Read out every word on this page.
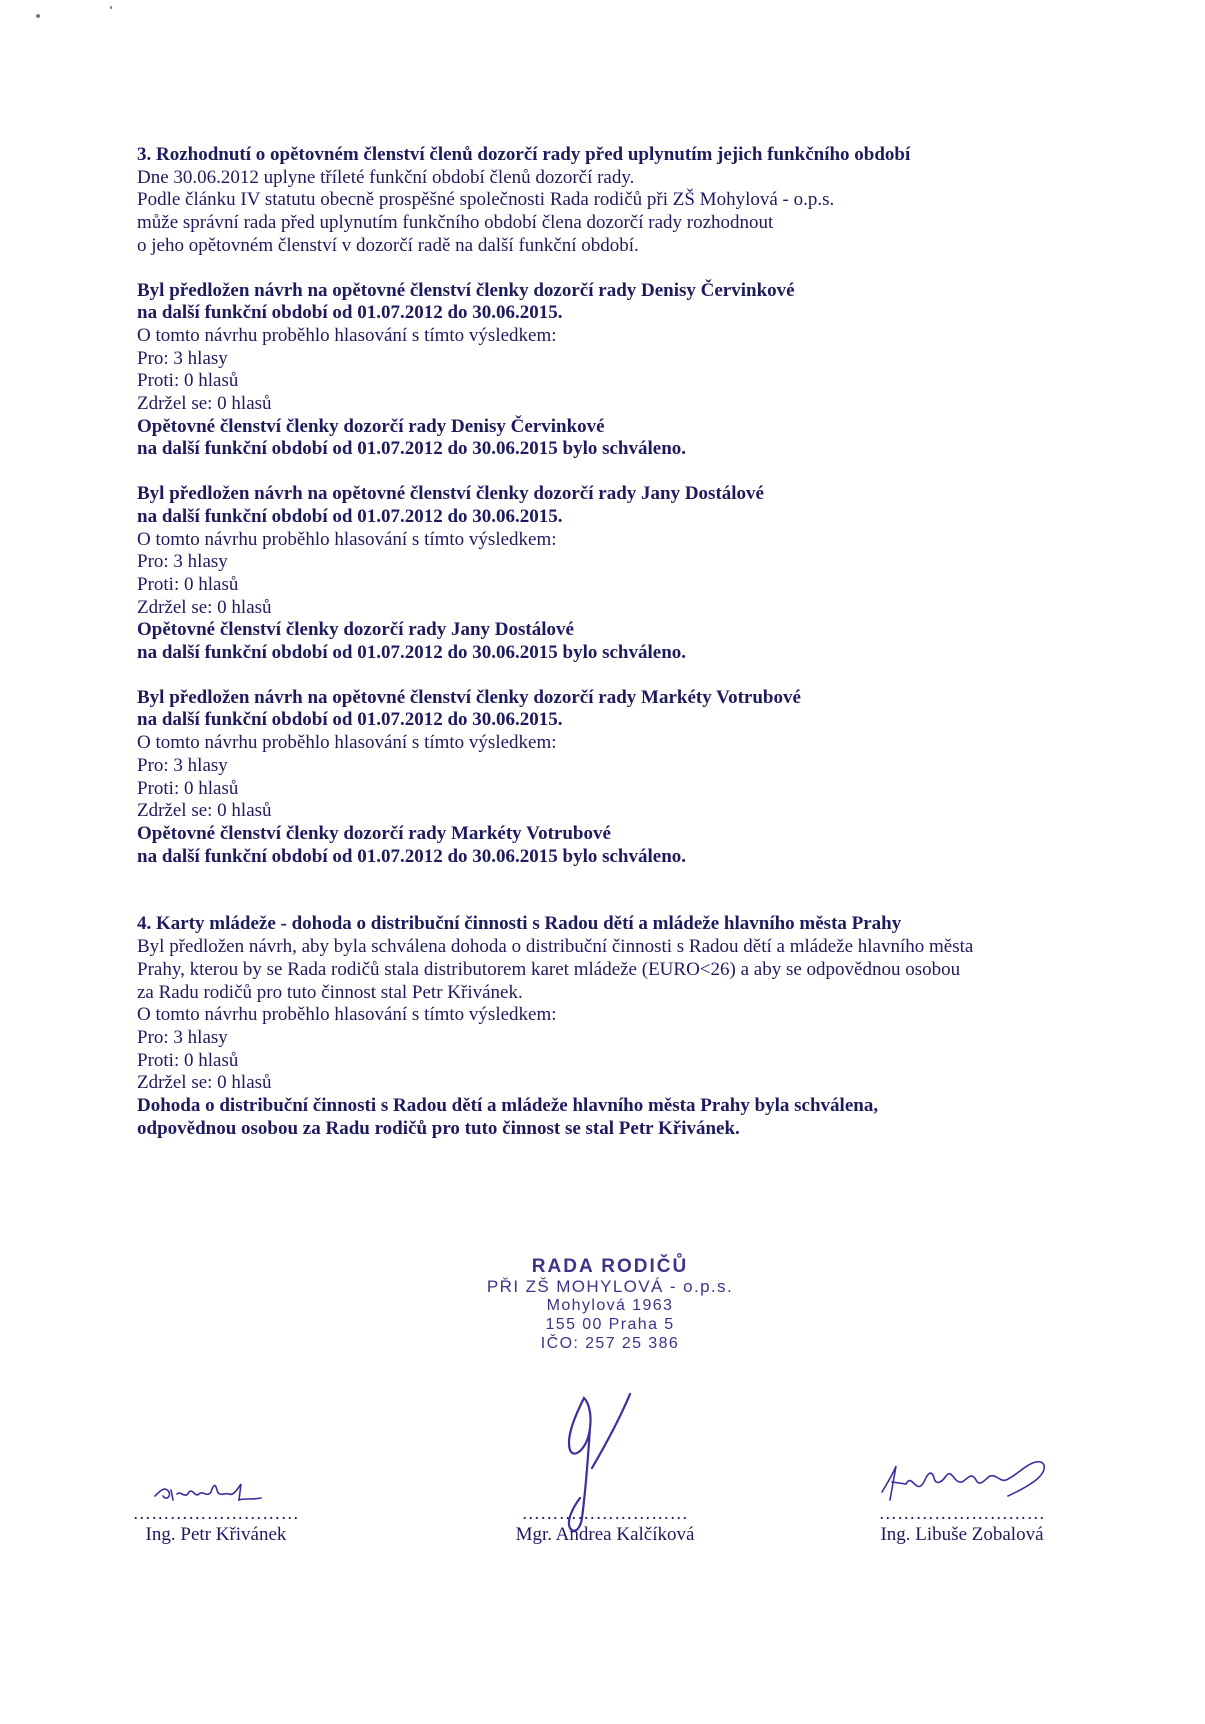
3. Rozhodnutí o opětovném členství členů dozorčí rady před uplynutím jejich funkčního období
Dne 30.06.2012 uplyne tříleté funkční období členů dozorčí rady.
Podle článku IV statutu obecně prospěšné společnosti Rada rodičů při ZŠ Mohylová - o.p.s.
může správní rada před uplynutím funkčního období člena dozorčí rady rozhodnout
o jeho opětovném členství v dozorčí radě na další funkční období.
Byl předložen návrh na opětovné členství členky dozorčí rady Denisy Červinkové
na další funkční období od 01.07.2012 do 30.06.2015.
O tomto návrhu proběhlo hlasování s tímto výsledkem:
Pro: 3 hlasy
Proti: 0 hlasů
Zdržel se: 0 hlasů
Opětovné členství členky dozorčí rady Denisy Červinkové
na další funkční období od 01.07.2012 do 30.06.2015 bylo schváleno.
Byl předložen návrh na opětovné členství členky dozorčí rady Jany Dostálové
na další funkční období od 01.07.2012 do 30.06.2015.
O tomto návrhu proběhlo hlasování s tímto výsledkem:
Pro: 3 hlasy
Proti: 0 hlasů
Zdržel se: 0 hlasů
Opětovné členství členky dozorčí rady Jany Dostálové
na další funkční období od 01.07.2012 do 30.06.2015 bylo schváleno.
Byl předložen návrh na opětovné členství členky dozorčí rady Markéty Votrubové
na další funkční období od 01.07.2012 do 30.06.2015.
O tomto návrhu proběhlo hlasování s tímto výsledkem:
Pro: 3 hlasy
Proti: 0 hlasů
Zdržel se: 0 hlasů
Opětovné členství členky dozorčí rady Markéty Votrubové
na další funkční období od 01.07.2012 do 30.06.2015 bylo schváleno.
4. Karty mládeže - dohoda o distribuční činnosti s Radou dětí a mládeže hlavního města Prahy
Byl předložen návrh, aby byla schválena dohoda o distribuční činnosti s Radou dětí a mládeže hlavního města
Prahy, kterou by se Rada rodičů stala distributorem karet mládeže (EURO<26) a aby se odpovědnou osobou
za Radu rodičů pro tuto činnost stal Petr Křivánek.
O tomto návrhu proběhlo hlasování s tímto výsledkem:
Pro: 3 hlasy
Proti: 0 hlasů
Zdržel se: 0 hlasů
Dohoda o distribuční činnosti s Radou dětí a mládeže hlavního města Prahy byla schválena,
odpovědnou osobou za Radu rodičů pro tuto činnost se stal Petr Křivánek.
RADA RODIČŮ
PŘI ZŠ MOHYLOVÁ - o.p.s.
Mohylová 1963
155 00 Praha 5
IČO: 257 25 386
………………………
Ing. Petr Křivánek
………………………
Mgr. Andrea Kalčíková
………………………
Ing. Libuše Zobalová
